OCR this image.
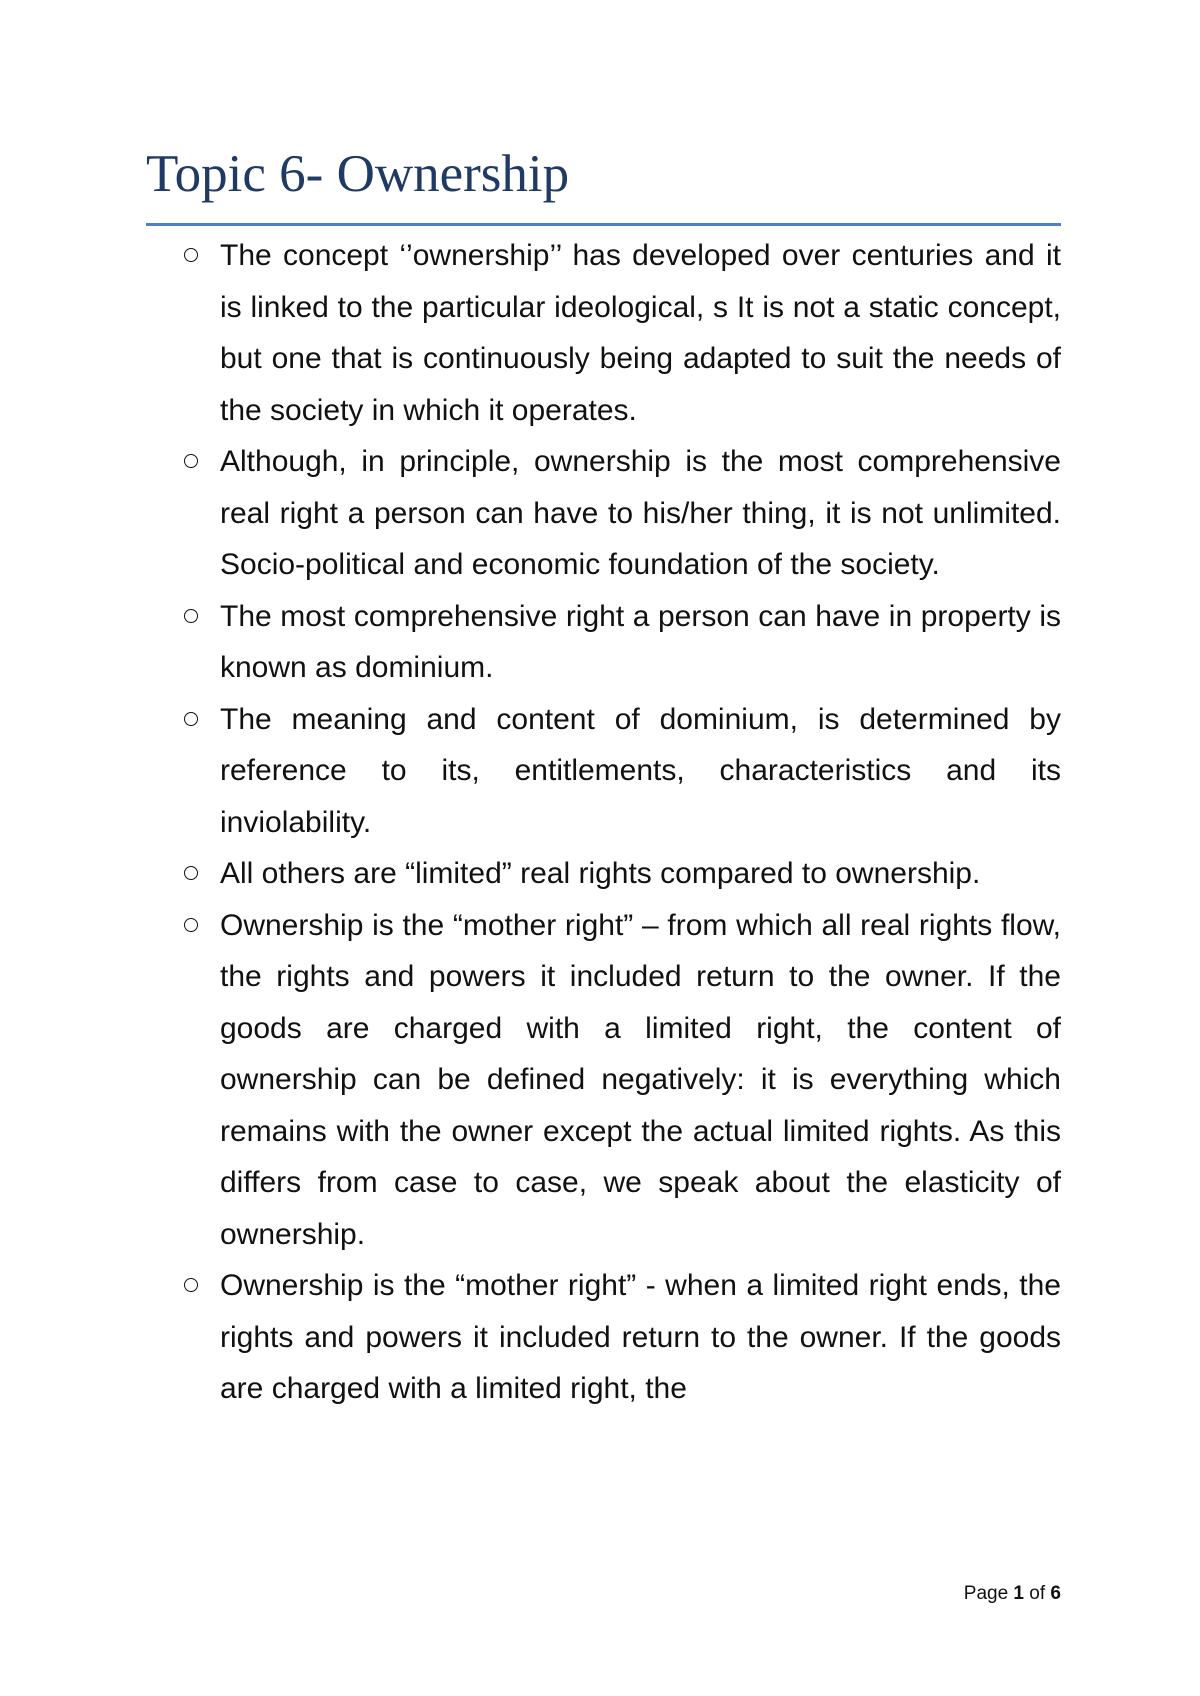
Topic 6- Ownership
The concept ‘’ownership’’ has developed over centuries and it is linked to the particular ideological, s It is not a static concept, but one that is continuously being adapted to suit the needs of the society in which it operates.
Although, in principle, ownership is the most comprehensive real right a person can have to his/her thing, it is not unlimited. Socio-political and economic foundation of the society.
The most comprehensive right a person can have in property is known as dominium.
The meaning and content of dominium, is determined by reference to its, entitlements, characteristics and its inviolability.
All others are “limited” real rights compared to ownership.
Ownership is the “mother right” – from which all real rights flow, the rights and powers it included return to the owner. If the goods are charged with a limited right, the content of ownership can be defined negatively: it is everything which remains with the owner except the actual limited rights. As this differs from case to case, we speak about the elasticity of ownership.
Ownership is the “mother right” - when a limited right ends, the rights and powers it included return to the owner. If the goods are charged with a limited right, the
Page 1 of 6
